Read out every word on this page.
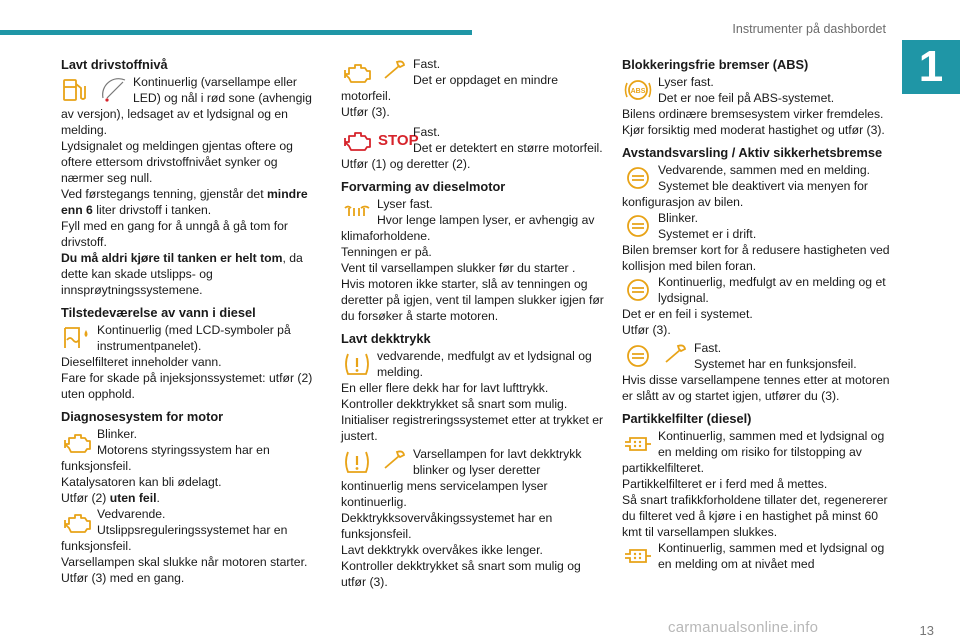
Instrumenter på dashbordet
1
13
carmanualsonline.info
Lavt drivstoffnivå

Kontinuerlig (varsellampe eller LED) og nål i rød sone (avhengig av versjon), ledsaget av et lydsignal og en melding.

Lydsignalet og meldingen gjentas oftere og oftere ettersom drivstoffnivået synker og nærmer seg null.

Ved førstegangs tenning, gjenstår det mindre enn 6 liter drivstoff i tanken.

Fyll med en gang for å unngå å gå tom for drivstoff.

Du må aldri kjøre til tanken er helt tom, da dette kan skade utslipps- og innsprøytningssystemene.

Tilstedeværelse av vann i diesel

Kontinuerlig (med LCD-symboler på instrumentpanelet).

Dieselfilteret inneholder vann.

Fare for skade på injeksjonssystemet: utfør (2) uten opphold.

Diagnosesystem for motor

Blinker.

Motorens styringssystem har en funksjonsfeil.

Katalysatoren kan bli ødelagt.

Utfør (2) uten feil.

Vedvarende.

Utslippsreguleringssystemet har en funksjonsfeil.

Varsellampen skal slukke når motoren starter.

Utfør (3) med en gang.

Fast.

Det er oppdaget en mindre motorfeil.

Utfør (3).

STOP

Fast.

Det er detektert en større motorfeil.

Utfør (1) og deretter (2).

Forvarming av dieselmotor

Lyser fast.

Hvor lenge lampen lyser, er avhengig av klimaforholdene.

Tenningen er på.

Vent til varsellampen slukker før du starter .

Hvis motoren ikke starter, slå av tenningen og deretter på igjen, vent til lampen slukker igjen før du forsøker å starte motoren.

Lavt dekktrykk

vedvarende, medfulgt av et lydsignal og melding.

En eller flere dekk har for lavt lufttrykk.

Kontroller dekktrykket så snart som mulig.

Initialiser registreringssystemet etter at trykket er justert.

Varsellampen for lavt dekktrykk blinker og lyser deretter kontinuerlig mens servicelampen lyser kontinuerlig.

Dekktrykksovervåkingssystemet har en funksjonsfeil.

Lavt dekktrykk overvåkes ikke lenger.

Kontroller dekktrykket så snart som mulig og utfør (3).

Blokkeringsfrie bremser (ABS)
ABS

Lyser fast.

Det er noe feil på ABS-systemet.

Bilens ordinære bremsesystem virker fremdeles.

Kjør forsiktig med moderat hastighet og utfør (3).

Avstandsvarsling / Aktiv sikkerhetsbremse

Vedvarende, sammen med en melding.

Systemet ble deaktivert via menyen for konfigurasjon av bilen.

Blinker.

Systemet er i drift.

Bilen bremser kort for å redusere hastigheten ved kollisjon med bilen foran.

Kontinuerlig, medfulgt av en melding og et lydsignal.

Det er en feil i systemet.

Utfør (3).

Fast.

Systemet har en funksjonsfeil.

Hvis disse varsellampene tennes etter at motoren er slått av og startet igjen, utfører du (3).

Partikkelfilter (diesel)

Kontinuerlig, sammen med et lydsignal og en melding om risiko for tilstopping av partikkelfilteret.

Partikkelfilteret er i ferd med å mettes.

Så snart trafikkforholdene tillater det, regenererer du filteret ved å kjøre i en hastighet på minst 60 kmt til varsellampen slukkes.

Kontinuerlig, sammen med et lydsignal og en melding om at nivået med
